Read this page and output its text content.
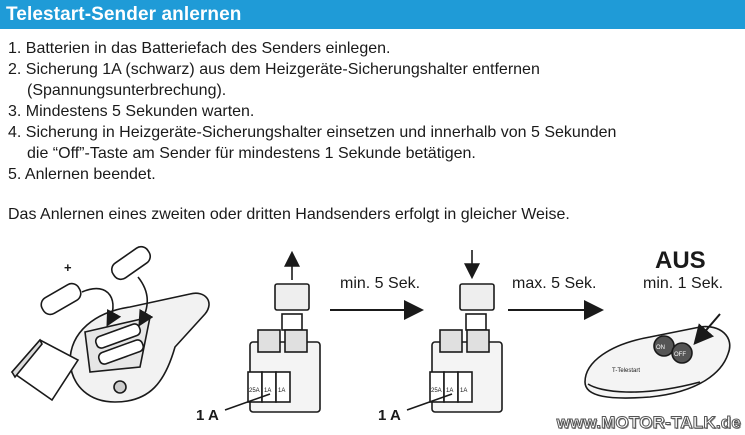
Telestart-Sender anlernen
1. Batterien in das Batteriefach des Senders einlegen.
2. Sicherung 1A (schwarz) aus dem Heizgeräte-Sicherungshalter entfernen
(Spannungsunterbrechung).
3. Mindestens 5 Sekunden warten.
4. Sicherung in Heizgeräte-Sicherungshalter einsetzen und innerhalb von 5 Sekunden
die “Off”-Taste am Sender für mindestens 1 Sekunde betätigen.
5. Anlernen beendet.

Das Anlernen eines zweiten oder dritten Handsenders erfolgt in gleicher Weise.

+
25A 1A 1A
1 A
min. 5 Sek.
25A 1A 1A
1 A
max. 5 Sek.
AUS
min. 1 Sek.
ON
OFF
T-Telestart
www.MOTOR-TALK.de
